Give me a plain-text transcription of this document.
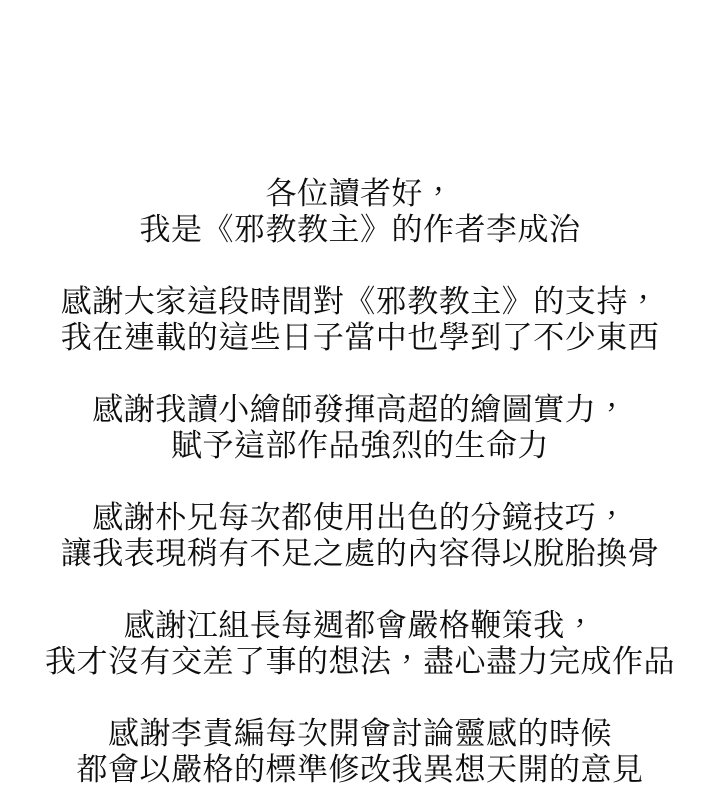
各位讀者好，
我是《邪教教主》的作者李成治
感謝大家這段時間對《邪教教主》的支持，
我在連載的這些日子當中也學到了不少東西
感謝我讀小繪師發揮高超的繪圖實力，
賦予這部作品強烈的生命力
感謝朴兄每次都使用出色的分鏡技巧，
讓我表現稍有不足之處的內容得以脫胎換骨
感謝江組長每週都會嚴格鞭策我，
我才沒有交差了事的想法，盡心盡力完成作品
感謝李責編每次開會討論靈感的時候
都會以嚴格的標準修改我異想天開的意見
